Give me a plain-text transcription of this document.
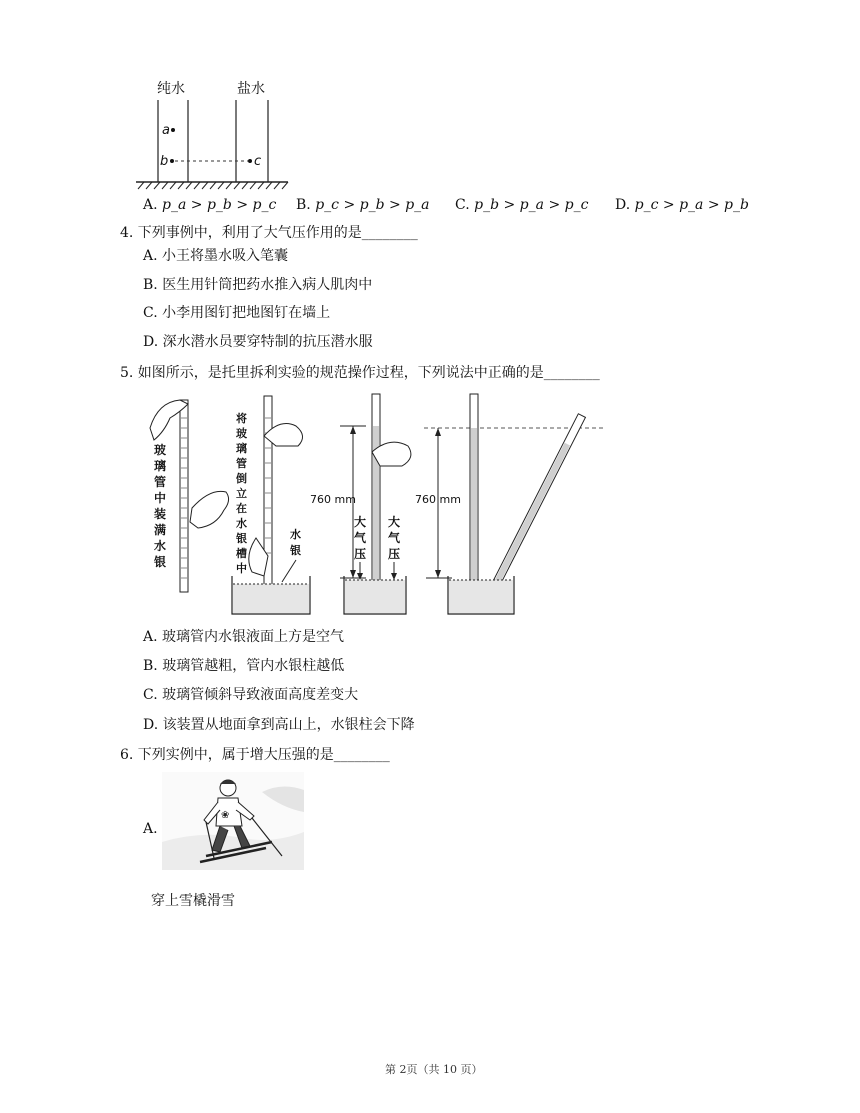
纯水	盐水
a
b	c
A. p_a > p_b > p_c B. p_c > p_b > p_a C. p_b > p_a > p_c D. p_c > p_a > p_b
4. 下列事例中，利用了大气压作用的是________
A. 小王将墨水吸入笔囊
B. 医生用针筒把药水推入病人肌肉中
C. 小李用图钉把地图钉在墙上
D. 深水潜水员要穿特制的抗压潜水服
5. 如图所示，是托里拆利实验的规范操作过程，下列说法中正确的是________
玻
璃
管
中
装
满
水
银
将
玻
璃
管
倒
立
在
水
银
槽
中
水
银
760 mm
大
气
压
大
气
压
760 mm
A. 玻璃管内水银液面上方是空气
B. 玻璃管越粗，管内水银柱越低
C. 玻璃管倾斜导致液面高度差变大
D. 该装置从地面拿到高山上，水银柱会下降
6. 下列实例中，属于增大压强的是________
A.
❀
穿上雪橇滑雪
第 2页（共 10 页）
